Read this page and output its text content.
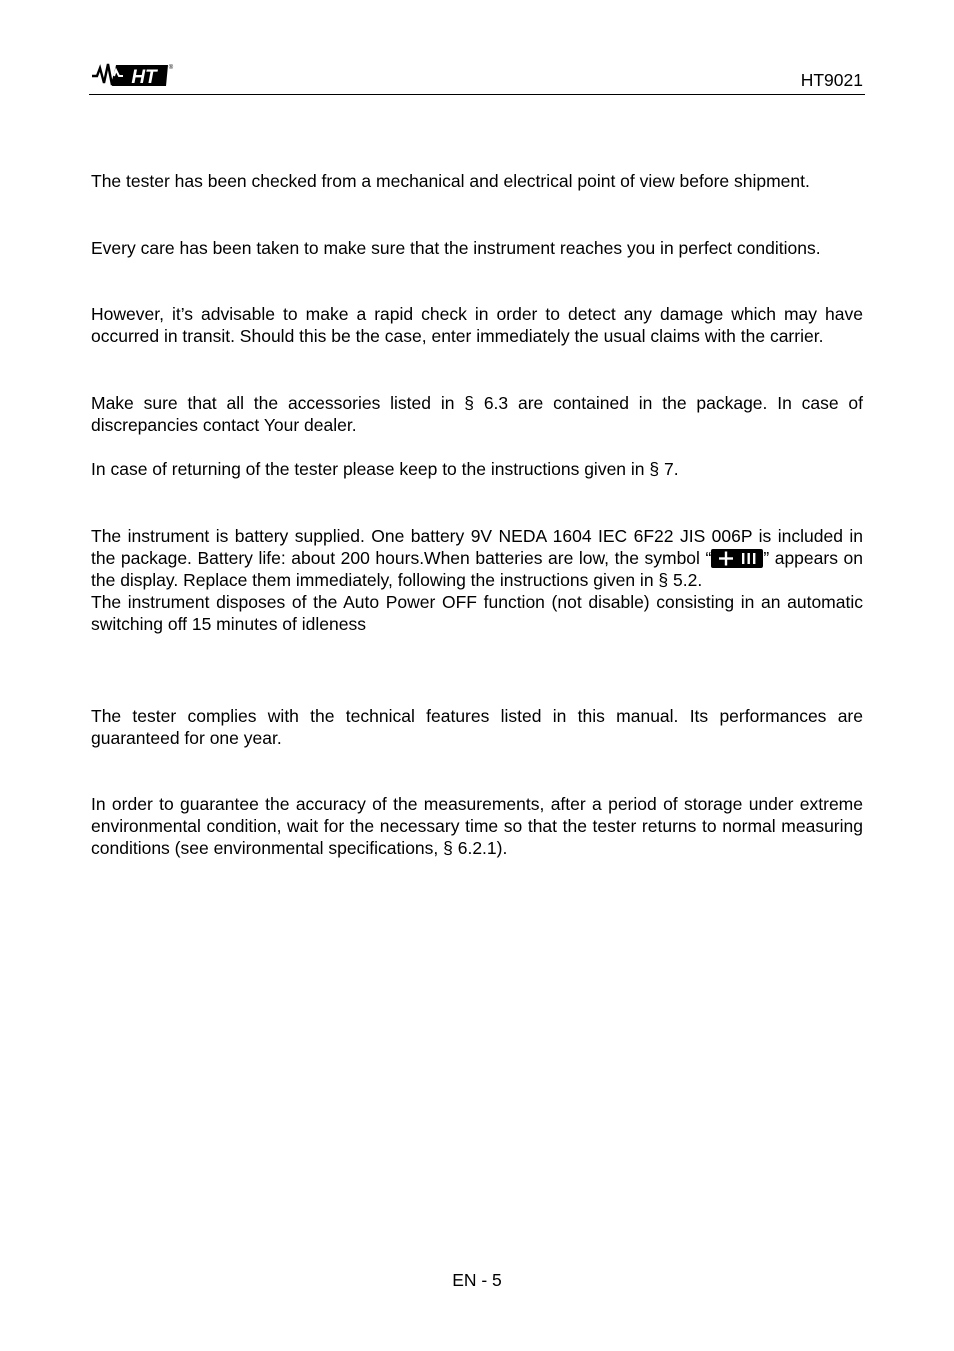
HT ®
HT9021

The tester has been checked from a mechanical and electrical point of view before shipment.

Every care has been taken to make sure that the instrument reaches you in perfect conditions.

However, it’s advisable to make a rapid check in order to detect any damage which may have occurred in transit. Should this be the case, enter immediately the usual claims with the carrier.

Make sure that all the accessories listed in § 6.3 are contained in the package. In case of discrepancies contact Your dealer.

In case of returning of the tester please keep to the instructions given in § 7.

The instrument is battery supplied. One battery 9V NEDA 1604 IEC 6F22 JIS 006P is included in the package. Battery life: about 200 hours.When batteries are low, the symbol “	” appears on the display. Replace them immediately, following the instructions given in § 5.2.

The instrument disposes of the Auto Power OFF function (not disable) consisting in an automatic switching off 15 minutes of idleness

The tester complies with the technical features listed in this manual. Its performances are guaranteed for one year.

In order to guarantee the accuracy of the measurements, after a period of storage under extreme environmental condition, wait for the necessary time so that the tester returns to normal measuring conditions (see environmental specifications, § 6.2.1).

EN - 5
